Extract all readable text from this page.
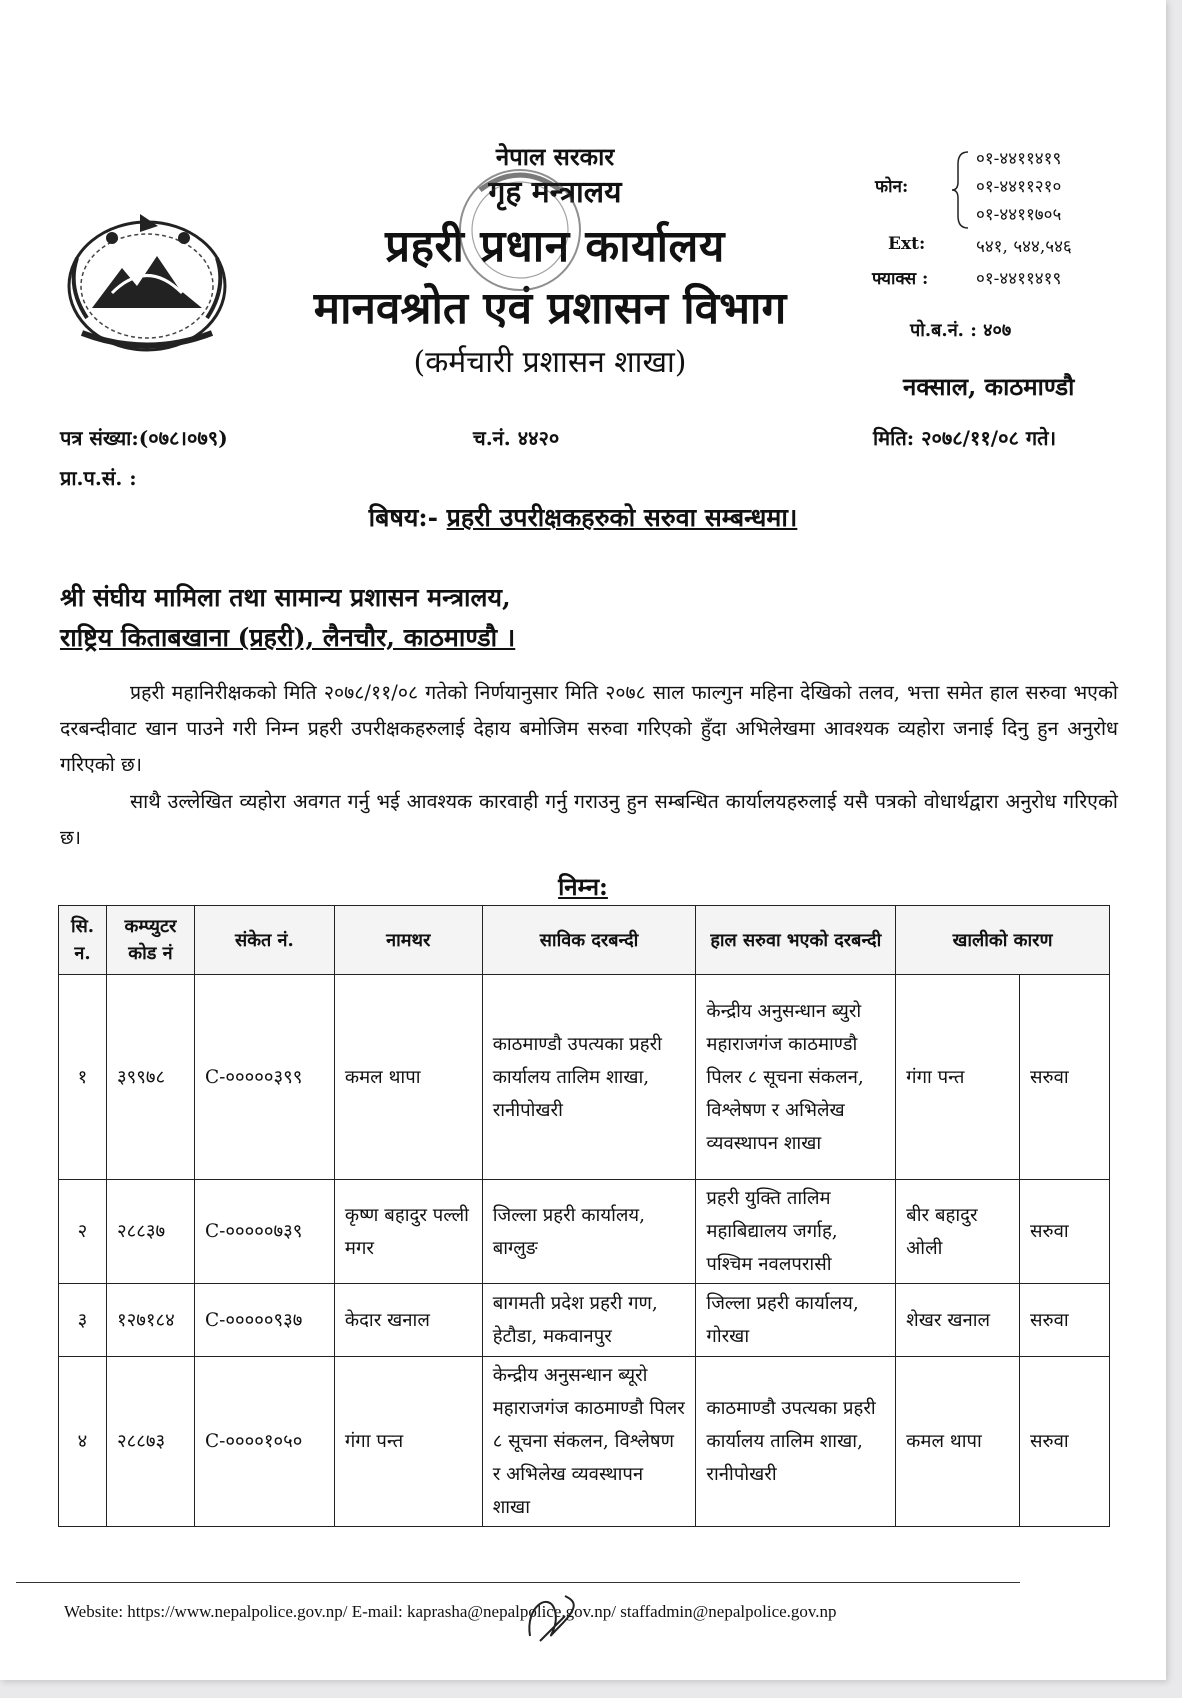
नेपाल सरकार
गृह मन्त्रालय
प्रहरी प्रधान कार्यालय
मानवश्रोत एवं प्रशासन विभाग
(कर्मचारी प्रशासन शाखा)
फोन:
०१-४४११४१९
०१-४४११२१०
०१-४४११७०५
Ext:	५४१, ५४४,५४६
फ्याक्स :	०१-४४११४१९
पो.ब.नं. : ४०७
नक्साल, काठमाण्डौ
पत्र संख्या:(०७८।०७९)	च.नं. ४४२०	मिति: २०७८/११/०८ गते।
प्रा.प.सं. :
बिषय:- प्रहरी उपरीक्षकहरुको सरुवा सम्बन्धमा।
श्री संघीय मामिला तथा सामान्य प्रशासन मन्त्रालय,
राष्ट्रिय किताबखाना (प्रहरी), लैनचौर, काठमाण्डौ ।
प्रहरी महानिरीक्षकको मिति २०७८/११/०८ गतेको निर्णयानुसार मिति २०७८ साल फाल्गुन महिना देखिको तलव, भत्ता समेत हाल सरुवा भएको दरबन्दीवाट खान पाउने गरी निम्न प्रहरी उपरीक्षकहरुलाई देहाय बमोजिम सरुवा गरिएको हुँदा अभिलेखमा आवश्यक व्यहोरा जनाई दिनु हुन अनुरोध गरिएको छ।
साथै उल्लेखित व्यहोरा अवगत गर्नु भई आवश्यक कारवाही गर्नु गराउनु हुन सम्बन्धित कार्यालयहरुलाई यसै पत्रको वोधार्थद्वारा अनुरोध गरिएको छ।
निम्न:
सि. न.	कम्प्युटर कोड नं	संकेत नं.	नामथर	साविक दरबन्दी	हाल सरुवा भएको दरबन्दी	खालीको कारण	
१	३९९७८	C-०००००३९९	कमल थापा	काठमाण्डौ उपत्यका प्रहरी कार्यालय तालिम शाखा, रानीपोखरी	केन्द्रीय अनुसन्धान ब्युरो महाराजगंज काठमाण्डौ पिलर ८ सूचना संकलन, विश्लेषण र अभिलेख व्यवस्थापन शाखा	गंगा पन्त	सरुवा
२	२८८३७	C-०००००७३९	कृष्ण बहादुर पल्ली मगर	जिल्ला प्रहरी कार्यालय, बाग्लुङ	प्रहरी युक्ति तालिम महाबिद्यालय जर्गाह, पश्चिम नवलपरासी	बीर बहादुर ओली	सरुवा
३	१२७१८४	C-०००००९३७	केदार खनाल	बागमती प्रदेश प्रहरी गण, हेटौडा, मकवानपुर	जिल्ला प्रहरी कार्यालय, गोरखा	शेखर खनाल	सरुवा
४	२८८७३	C-००००१०५०	गंगा पन्त	केन्द्रीय अनुसन्धान ब्यूरो महाराजगंज काठमाण्डौ पिलर ८ सूचना संकलन, विश्लेषण र अभिलेख व्यवस्थापन शाखा	काठमाण्डौ उपत्यका प्रहरी कार्यालय तालिम शाखा, रानीपोखरी	कमल थापा	सरुवा
Website: https://www.nepalpolice.gov.np/ E-mail: kaprasha@nepalpolice.gov.np/ staffadmin@nepalpolice.gov.np
